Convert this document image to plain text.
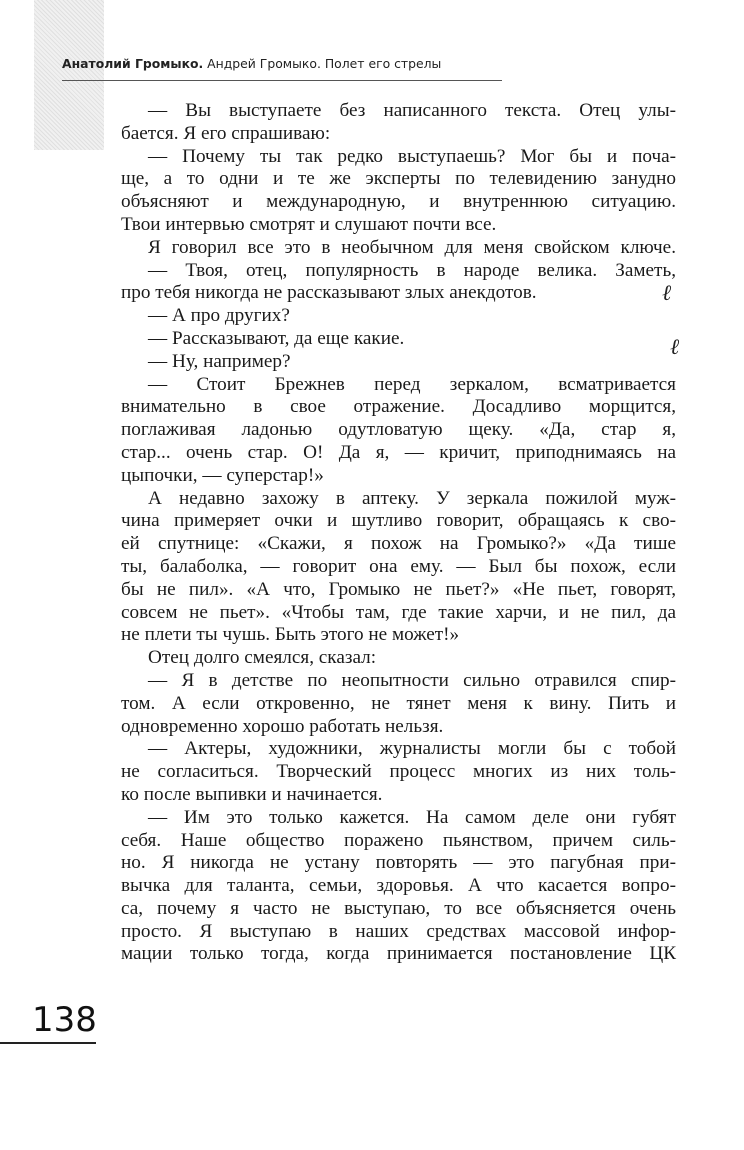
Анатолий Громыко. Андрей Громыко. Полет его стрелы
— Вы выступаете без написанного текста. Отец улы-
бается. Я его спрашиваю:
— Почему ты так редко выступаешь? Мог бы и поча-
ще, а то одни и те же эксперты по телевидению занудно
объясняют и международную, и внутреннюю ситуацию.
Твои интервью смотрят и слушают почти все.
Я говорил все это в необычном для меня свойском ключе.
— Твоя, отец, популярность в народе велика. Заметь,
про тебя никогда не рассказывают злых анекдотов.
— А про других?
— Рассказывают, да еще какие.
— Ну, например?
— Стоит Брежнев перед зеркалом, всматривается
внимательно в свое отражение. Досадливо морщится,
поглаживая ладонью одутловатую щеку. «Да, стар я,
стар... очень стар. О! Да я, — кричит, приподнимаясь на
цыпочки, — суперстар!»
А недавно захожу в аптеку. У зеркала пожилой муж-
чина примеряет очки и шутливо говорит, обращаясь к сво-
ей спутнице: «Скажи, я похож на Громыко?» «Да тише
ты, балаболка, — говорит она ему. — Был бы похож, если
бы не пил». «А что, Громыко не пьет?» «Не пьет, говорят,
совсем не пьет». «Чтобы там, где такие харчи, и не пил, да
не плети ты чушь. Быть этого не может!»
Отец долго смеялся, сказал:
— Я в детстве по неопытности сильно отравился спир-
том. А если откровенно, не тянет меня к вину. Пить и
одновременно хорошо работать нельзя.
— Актеры, художники, журналисты могли бы с тобой
не согласиться. Творческий процесс многих из них толь-
ко после выпивки и начинается.
— Им это только кажется. На самом деле они губят
себя. Наше общество поражено пьянством, причем силь-
но. Я никогда не устану повторять — это пагубная при-
вычка для таланта, семьи, здоровья. А что касается вопро-
са, почему я часто не выступаю, то все объясняется очень
просто. Я выступаю в наших средствах массовой инфор-
мации только тогда, когда принимается постановление ЦК
ℓ
ℓ
138
